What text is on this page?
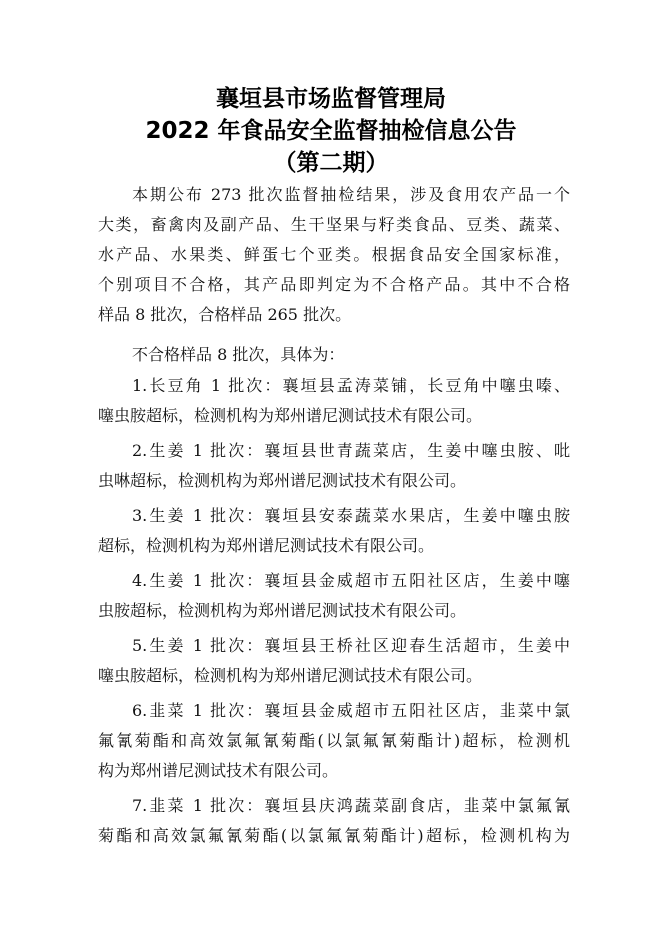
襄垣县市场监督管理局
2022 年食品安全监督抽检信息公告
（第二期）
本期公布 273 批次监督抽检结果，涉及食用农产品一个
大类，畜禽肉及副产品、生干坚果与籽类食品、豆类、蔬菜、
水产品、水果类、鲜蛋七个亚类。根据食品安全国家标准，
个别项目不合格，其产品即判定为不合格产品。其中不合格
样品 8 批次，合格样品 265 批次。
不合格样品 8 批次，具体为：
1.长豆角 1 批次：襄垣县孟涛菜铺，长豆角中噻虫嗪、
噻虫胺超标，检测机构为郑州谱尼测试技术有限公司。
2.生姜 1 批次：襄垣县世青蔬菜店，生姜中噻虫胺、吡
虫啉超标，检测机构为郑州谱尼测试技术有限公司。
3.生姜 1 批次：襄垣县安泰蔬菜水果店，生姜中噻虫胺
超标，检测机构为郑州谱尼测试技术有限公司。
4.生姜 1 批次：襄垣县金威超市五阳社区店，生姜中噻
虫胺超标，检测机构为郑州谱尼测试技术有限公司。
5.生姜 1 批次：襄垣县王桥社区迎春生活超市，生姜中
噻虫胺超标，检测机构为郑州谱尼测试技术有限公司。
6.韭菜 1 批次：襄垣县金威超市五阳社区店，韭菜中氯
氟氰菊酯和高效氯氟氰菊酯(以氯氟氰菊酯计)超标，检测机
构为郑州谱尼测试技术有限公司。
7.韭菜 1 批次：襄垣县庆鸿蔬菜副食店，韭菜中氯氟氰
菊酯和高效氯氟氰菊酯(以氯氟氰菊酯计)超标，检测机构为
